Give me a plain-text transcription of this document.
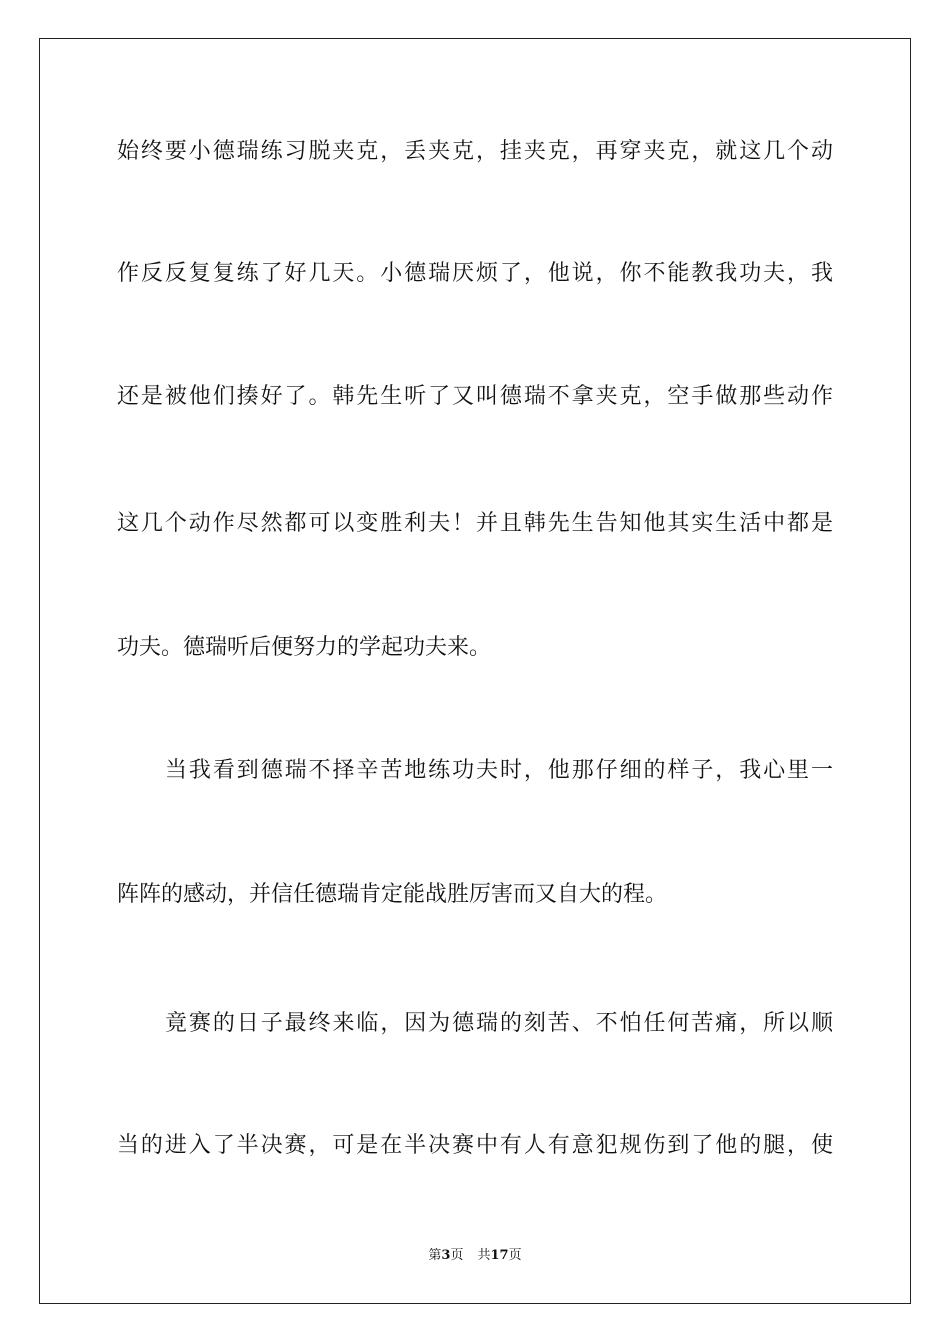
始终要小德瑞练习脱夹克，丢夹克，挂夹克，再穿夹克，就这几个动
作反反复复练了好几天。小德瑞厌烦了，他说，你不能教我功夫，我
还是被他们揍好了。韩先生听了又叫德瑞不拿夹克，空手做那些动作
这几个动作尽然都可以变胜利夫！并且韩先生告知他其实生活中都是
功夫。德瑞听后便努力的学起功夫来。
当我看到德瑞不择辛苦地练功夫时，他那仔细的样子，我心里一
阵阵的感动，并信任德瑞肯定能战胜厉害而又自大的程。
竟赛的日子最终来临，因为德瑞的刻苦、不怕任何苦痛，所以顺
当的进入了半决赛，可是在半决赛中有人有意犯规伤到了他的腿，使
第3页 共17页
